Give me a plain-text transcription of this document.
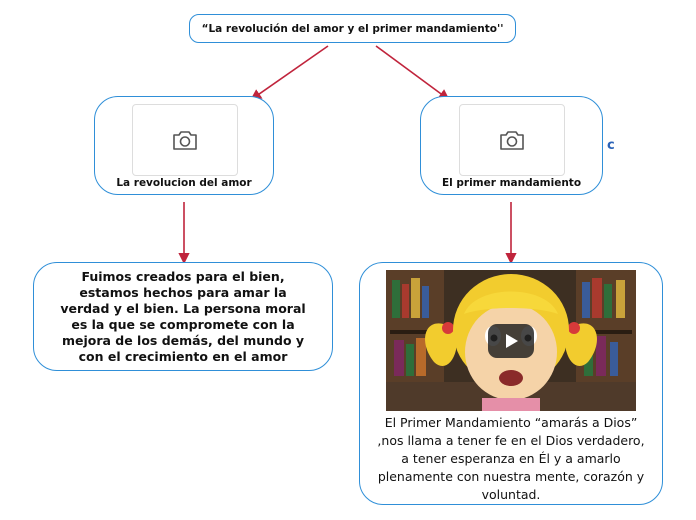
“La revolución del amor y el primer mandamiento''
La revolucion del amor	El primer mandamiento
c
Fuimos creados para el bien, estamos hechos para amar la verdad y el bien. La persona moral es la que se compromete con la mejora de los demás, del mundo y con el crecimiento en el amor
El Primer Mandamiento “amarás a Dios” ,nos llama a tener fe en el Dios verdadero, a tener esperanza en Él y a amarlo plenamente con nuestra mente, corazón y voluntad.
